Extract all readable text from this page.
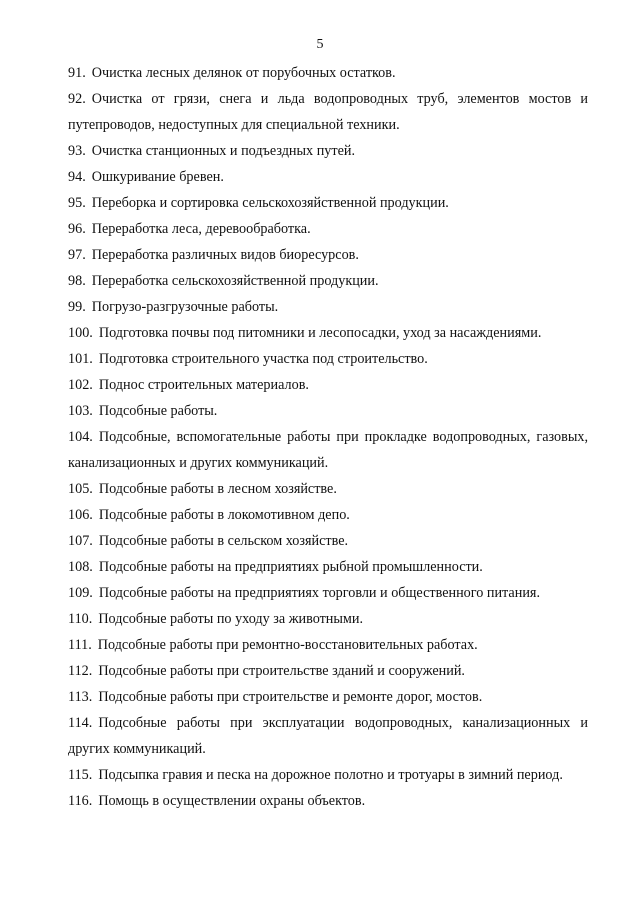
5
91. Очистка лесных делянок от порубочных остатков.
92. Очистка от грязи, снега и льда водопроводных труб, элементов мостов и путепроводов, недоступных для специальной техники.
93. Очистка станционных и подъездных путей.
94. Ошкуривание бревен.
95. Переборка и сортировка сельскохозяйственной продукции.
96. Переработка леса, деревообработка.
97. Переработка различных видов биоресурсов.
98. Переработка сельскохозяйственной продукции.
99. Погрузо-разгрузочные работы.
100. Подготовка почвы под питомники и лесопосадки, уход за насаждениями.
101. Подготовка строительного участка под строительство.
102. Поднос строительных материалов.
103. Подсобные работы.
104. Подсобные, вспомогательные работы при прокладке водопроводных, газовых, канализационных и других коммуникаций.
105. Подсобные работы в лесном хозяйстве.
106. Подсобные работы в локомотивном депо.
107. Подсобные работы в сельском хозяйстве.
108. Подсобные работы на предприятиях рыбной промышленности.
109. Подсобные работы на предприятиях торговли и общественного питания.
110. Подсобные работы по уходу за животными.
111. Подсобные работы при ремонтно-восстановительных работах.
112. Подсобные работы при строительстве зданий и сооружений.
113. Подсобные работы при строительстве и ремонте дорог, мостов.
114. Подсобные работы при эксплуатации водопроводных, канализационных и других коммуникаций.
115. Подсыпка гравия и песка на дорожное полотно и тротуары в зимний период.
116. Помощь в осуществлении охраны объектов.
